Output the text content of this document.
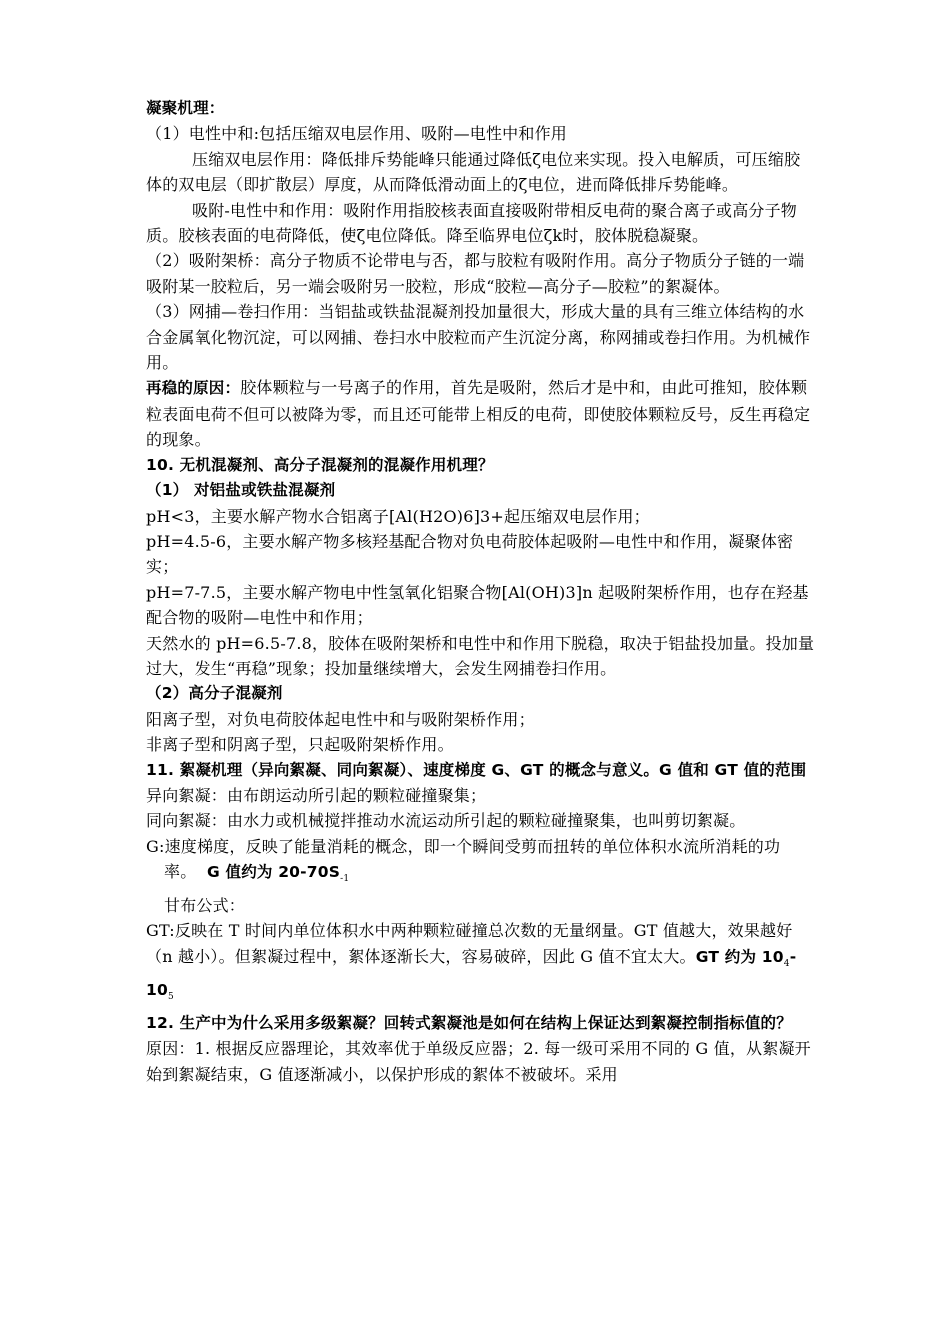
凝聚机理：

（1）电性中和:包括压缩双电层作用、吸附—电性中和作用

压缩双电层作用：降低排斥势能峰只能通过降低ζ电位来实现。投入电解质，可压缩胶体的双电层（即扩散层）厚度，从而降低滑动面上的ζ电位，进而降低排斥势能峰。

吸附-电性中和作用：吸附作用指胶核表面直接吸附带相反电荷的聚合离子或高分子物质。胶核表面的电荷降低，使ζ电位降低。降至临界电位ζk时，胶体脱稳凝聚。

（2）吸附架桥：高分子物质不论带电与否，都与胶粒有吸附作用。高分子物质分子链的一端吸附某一胶粒后，另一端会吸附另一胶粒，形成“胶粒—高分子—胶粒”的絮凝体。

（3）网捕—卷扫作用：当铝盐或铁盐混凝剂投加量很大，形成大量的具有三维立体结构的水合金属氧化物沉淀，可以网捕、卷扫水中胶粒而产生沉淀分离，称网捕或卷扫作用。为机械作用。

再稳的原因：胶体颗粒与一号离子的作用，首先是吸附，然后才是中和，由此可推知，胶体颗粒表面电荷不但可以被降为零，而且还可能带上相反的电荷，即使胶体颗粒反号，反生再稳定的现象。

10. 无机混凝剂、高分子混凝剂的混凝作用机理？

（1） 对铝盐或铁盐混凝剂

pH<3，主要水解产物水合铝离子[Al(H2O)6]3+起压缩双电层作用；

pH=4.5-6，主要水解产物多核羟基配合物对负电荷胶体起吸附—电性中和作用，凝聚体密实；

pH=7-7.5，主要水解产物电中性氢氧化铝聚合物[Al(OH)3]n 起吸附架桥作用，也存在羟基配合物的吸附—电性中和作用；

天然水的 pH=6.5-7.8，胶体在吸附架桥和电性中和作用下脱稳，取决于铝盐投加量。投加量过大，发生“再稳”现象；投加量继续增大，会发生网捕卷扫作用。

（2）高分子混凝剂

阳离子型，对负电荷胶体起电性中和与吸附架桥作用；

非离子型和阴离子型，只起吸附架桥作用。

11. 絮凝机理（异向絮凝、同向絮凝）、速度梯度 G、GT 的概念与意义。G 值和 GT 值的范围

异向絮凝：由布朗运动所引起的颗粒碰撞聚集；

同向絮凝：由水力或机械搅拌推动水流运动所引起的颗粒碰撞聚集，也叫剪切絮凝。

G:速度梯度，反映了能量消耗的概念，即一个瞬间受剪而扭转的单位体积水流所消耗的功率。 G 值约为 $20-70S_{-1}$

甘布公式：

GT:反映在 T 时间内单位体积水中两种颗粒碰撞总次数的无量纲量。GT 值越大，效果越好（n 越小）。但絮凝过程中，絮体逐渐长大，容易破碎，因此 G 值不宜太大。GT 约为 $10_4-10_5$

12. 生产中为什么采用多级絮凝？回转式絮凝池是如何在结构上保证达到絮凝控制指标值的？

原因：1. 根据反应器理论，其效率优于单级反应器；2. 每一级可采用不同的 G 值，从絮凝开始到絮凝结束，G 值逐渐减小，以保护形成的絮体不被破坏。采用
